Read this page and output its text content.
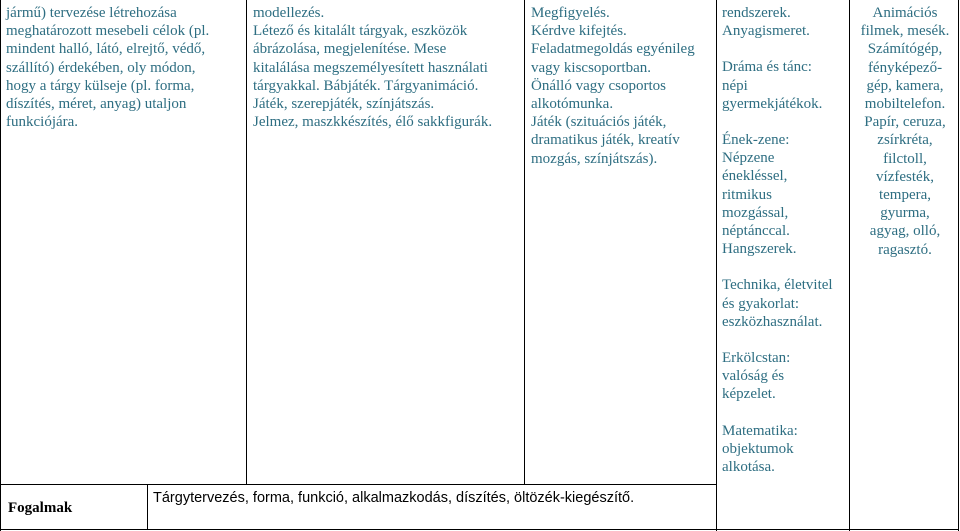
jármű) tervezése létrehozása
meghatározott mesebeli célok (pl.
mindent halló, látó, elrejtő, védő,
szállító) érdekében, oly módon,
hogy a tárgy külseje (pl. forma,
díszítés, méret, anyag) utaljon
funkciójára.
modellezés.
Létező és kitalált tárgyak, eszközök
ábrázolása, megjelenítése. Mese
kitalálása megszemélyesített használati
tárgyakkal. Bábjáték. Tárgyanimáció.
Játék, szerepjáték, színjátszás.
Jelmez, maszkkészítés, élő sakkfigurák.
Megfigyelés.
Kérdve kifejtés.
Feladatmegoldás egyénileg
vagy kiscsoportban.
Önálló vagy csoportos
alkotómunka.
Játék (szituációs játék,
dramatikus játék, kreatív
mozgás, színjátszás).
rendszerek.
Anyagismeret.
Dráma és tánc:
népi
gyermekjátékok.
Ének-zene:
Népzene
énekléssel,
ritmikus
mozgással,
néptánccal.
Hangszerek.
Technika, életvitel
és gyakorlat:
eszközhasználat.
Erkölcstan:
valóság és
képzelet.
Matematika:
objektumok
alkotása.
Animációs
filmek, mesék.
Számítógép,
fényképező-
gép, kamera,
mobiltelefon.
Papír, ceruza,
zsírkréta,
filctoll,
vízfesték,
tempera,
gyurma,
agyag, olló,
ragasztó.
Fogalmak
Tárgytervezés, forma, funkció, alkalmazkodás, díszítés, öltözék-kiegészítő.
